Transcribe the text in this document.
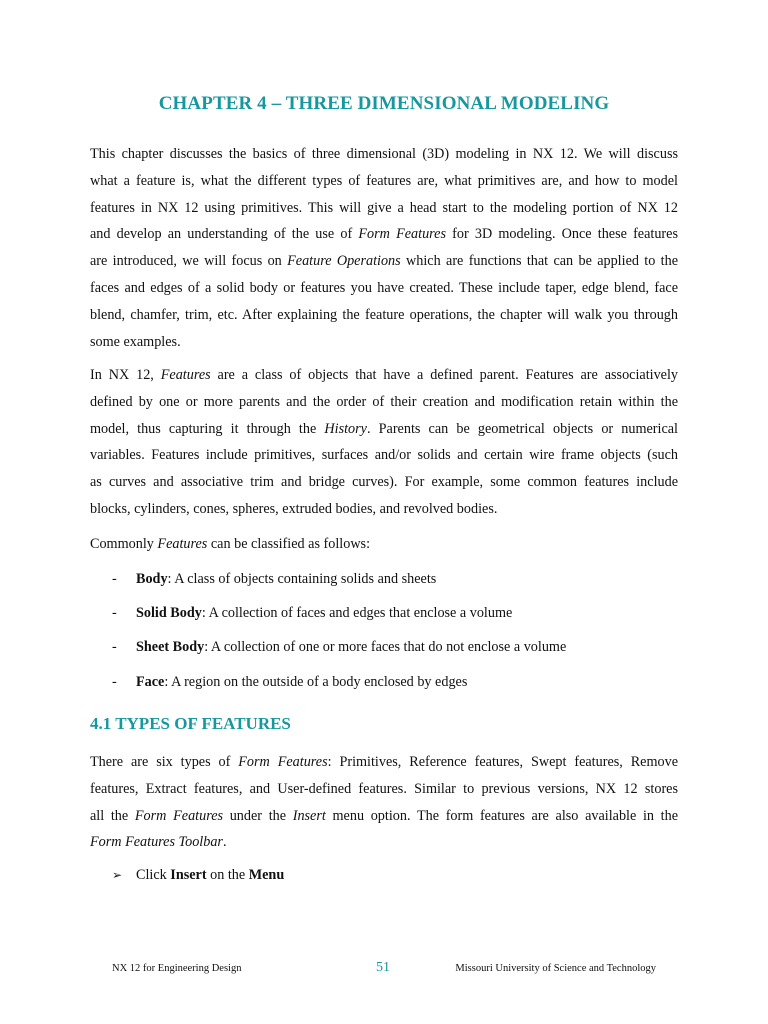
CHAPTER 4 – THREE DIMENSIONAL MODELING
This chapter discusses the basics of three dimensional (3D) modeling in NX 12. We will discuss
what a feature is, what the different types of features are, what primitives are, and how to model
features in NX 12 using primitives. This will give a head start to the modeling portion of NX 12
and develop an understanding of the use of Form Features for 3D modeling. Once these features
are introduced, we will focus on Feature Operations which are functions that can be applied to the
faces and edges of a solid body or features you have created. These include taper, edge blend, face
blend, chamfer, trim, etc. After explaining the feature operations, the chapter will walk you through
some examples.
In NX 12, Features are a class of objects that have a defined parent. Features are associatively
defined by one or more parents and the order of their creation and modification retain within the
model, thus capturing it through the History. Parents can be geometrical objects or numerical
variables. Features include primitives, surfaces and/or solids and certain wire frame objects (such
as curves and associative trim and bridge curves). For example, some common features include
blocks, cylinders, cones, spheres, extruded bodies, and revolved bodies.
Commonly Features can be classified as follows:
- Body: A class of objects containing solids and sheets
- Solid Body: A collection of faces and edges that enclose a volume
- Sheet Body: A collection of one or more faces that do not enclose a volume
- Face: A region on the outside of a body enclosed by edges
4.1 TYPES OF FEATURES
There are six types of Form Features: Primitives, Reference features, Swept features, Remove
features, Extract features, and User-defined features. Similar to previous versions, NX 12 stores
all the Form Features under the Insert menu option. The form features are also available in the
Form Features Toolbar.
➢ Click Insert on the Menu
NX 12 for Engineering Design	51	Missouri University of Science and Technology
